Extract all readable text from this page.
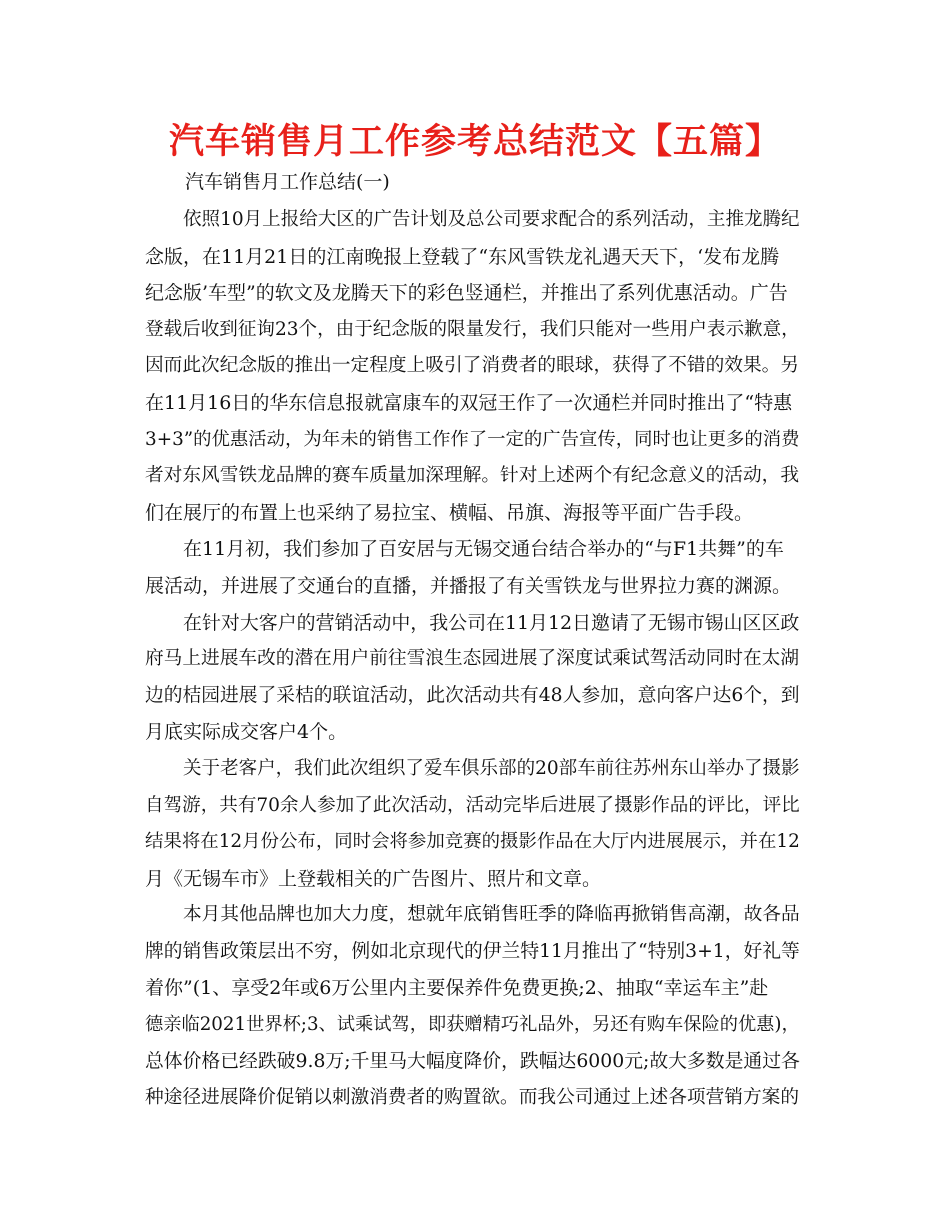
汽车销售月工作参考总结范文【五篇】
汽车销售月工作总结(一)
依照10月上报给大区的广告计划及总公司要求配合的系列活动，主推龙腾纪
念版，在11月21日的江南晚报上登载了“东风雪铁龙礼遇天天下，‘发布龙腾
纪念版’车型”的软文及龙腾天下的彩色竖通栏，并推出了系列优惠活动。广告
登载后收到征询23个，由于纪念版的限量发行，我们只能对一些用户表示歉意，
因而此次纪念版的推出一定程度上吸引了消费者的眼球，获得了不错的效果。另
在11月16日的华东信息报就富康车的双冠王作了一次通栏并同时推出了“特惠
3+3”的优惠活动，为年未的销售工作作了一定的广告宣传，同时也让更多的消费
者对东风雪铁龙品牌的赛车质量加深理解。针对上述两个有纪念意义的活动，我
们在展厅的布置上也采纳了易拉宝、横幅、吊旗、海报等平面广告手段。
在11月初，我们参加了百安居与无锡交通台结合举办的“与F1共舞”的车
展活动，并进展了交通台的直播，并播报了有关雪铁龙与世界拉力赛的渊源。
在针对大客户的营销活动中，我公司在11月12日邀请了无锡市锡山区区政
府马上进展车改的潜在用户前往雪浪生态园进展了深度试乘试驾活动同时在太湖
边的桔园进展了采桔的联谊活动，此次活动共有48人参加，意向客户达6个，到
月底实际成交客户4个。
关于老客户，我们此次组织了爱车俱乐部的20部车前往苏州东山举办了摄影
自驾游，共有70余人参加了此次活动，活动完毕后进展了摄影作品的评比，评比
结果将在12月份公布，同时会将参加竞赛的摄影作品在大厅内进展展示，并在12
月《无锡车市》上登载相关的广告图片、照片和文章。
本月其他品牌也加大力度，想就年底销售旺季的降临再掀销售高潮，故各品
牌的销售政策层出不穷，例如北京现代的伊兰特11月推出了“特别3+1，好礼等
着你”(1、享受2年或6万公里内主要保养件免费更换;2、抽取“幸运车主”赴
德亲临2021世界杯;3、试乘试驾，即获赠精巧礼品外，另还有购车保险的优惠)，
总体价格已经跌破9.8万;千里马大幅度降价，跌幅达6000元;故大多数是通过各
种途径进展降价促销以刺激消费者的购置欲。而我公司通过上述各项营销方案的
